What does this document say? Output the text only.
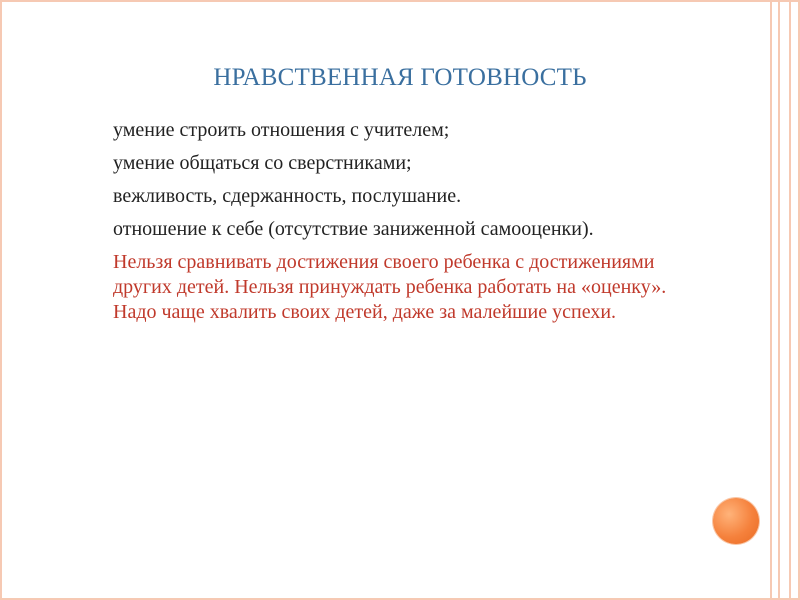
НРАВСТВЕННАЯ ГОТОВНОСТЬ
умение строить отношения с учителем;
умение общаться со сверстниками;
вежливость, сдержанность, послушание.
отношение к себе (отсутствие заниженной самооценки).
Нельзя сравнивать достижения своего ребенка с достижениями других детей. Нельзя принуждать ребенка работать на «оценку». Надо чаще хвалить своих детей, даже за малейшие успехи.
